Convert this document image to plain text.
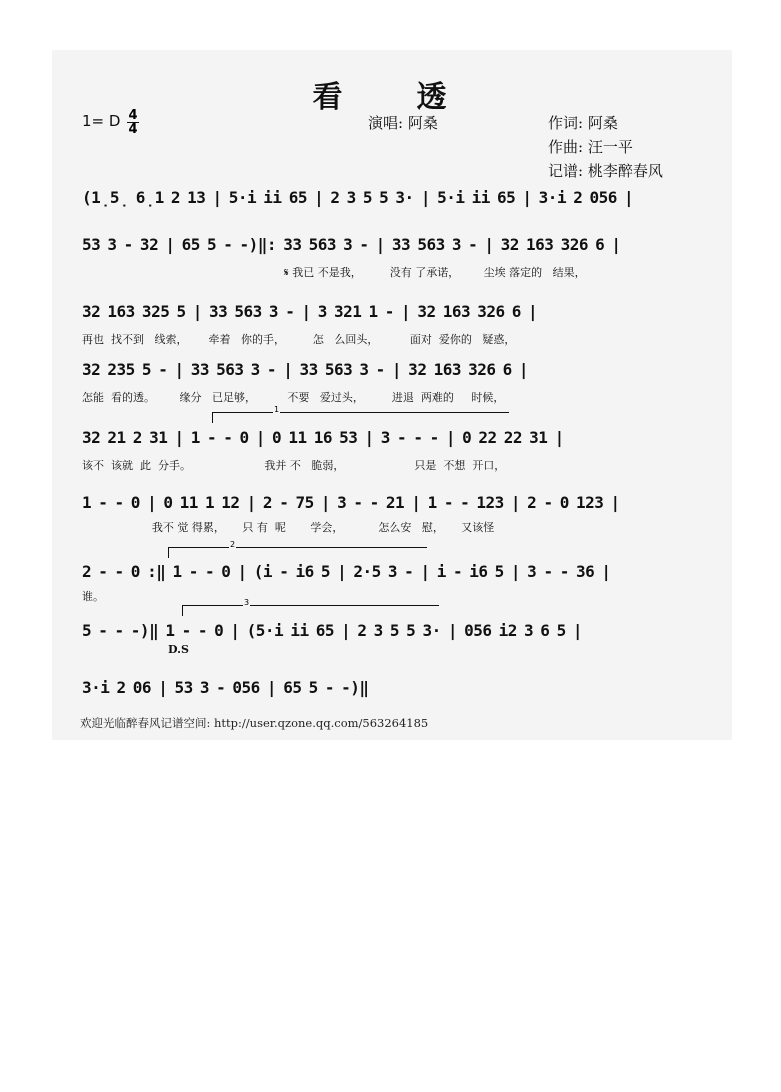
看　透
1= D $\frac{4}{4}$	演唱: 阿桑	作词: 阿桑
作曲: 汪一平
记谱: 桃李醉春风
(1̣5̣ 6̣1 2 13 | 5·i ii 65 | 2 3 5 5 3· | 5·i ii 65 | 3·i 2 056 |
53 3 - 32 | 65 5 - -)‖: 33 563 3 - | 33 563 3 - | 32 163 326 6 |
𝄋 我已 不是我，        没有 了承诺，       尘埃 落定的   结果，
32 163 325 5 | 33 563 3 - | 3 321 1 - | 32 163 326 6 |
再也  找不到   线索，      牵着   你的手，        怎   么回头，         面对  爱你的   疑惑，
32 235 5 - | 33 563 3 - | 33 563 3 - | 32 163 326 6 |
怎能  看的透。       缘分   已足够，         不要   爱过头，        进退  两难的     时候，
1
32 21 2 31 | 1 - - 0 | 0 11 16 53 | 3 - - - | 0 22 22 31 |
该不  该就  此  分手。                     我并 不   脆弱，                    只是  不想  开口，
1 - - 0 | 0 11 1 12 | 2 - 75 | 3 - - 21 | 1 - - 123 | 2 - 0 123 |
我不 觉 得累，     只 有  呢       学会，          怎么安   慰，     又该怪
2
2 - - 0 :‖ 1 - - 0 | (i - i6 5 | 2·5 3 - | i - i6 5 | 3 - - 36 |
谁。	3
5 - - -)‖ 1 - - 0 | (5·i ii 65 | 2 3 5 5 3· | 056 i2 3 6 5 |
D.S
3·i 2 06 | 53 3 - 056 | 65 5 - -)‖
欢迎光临醉春风记谱空间: http://user.qzone.qq.com/563264185
